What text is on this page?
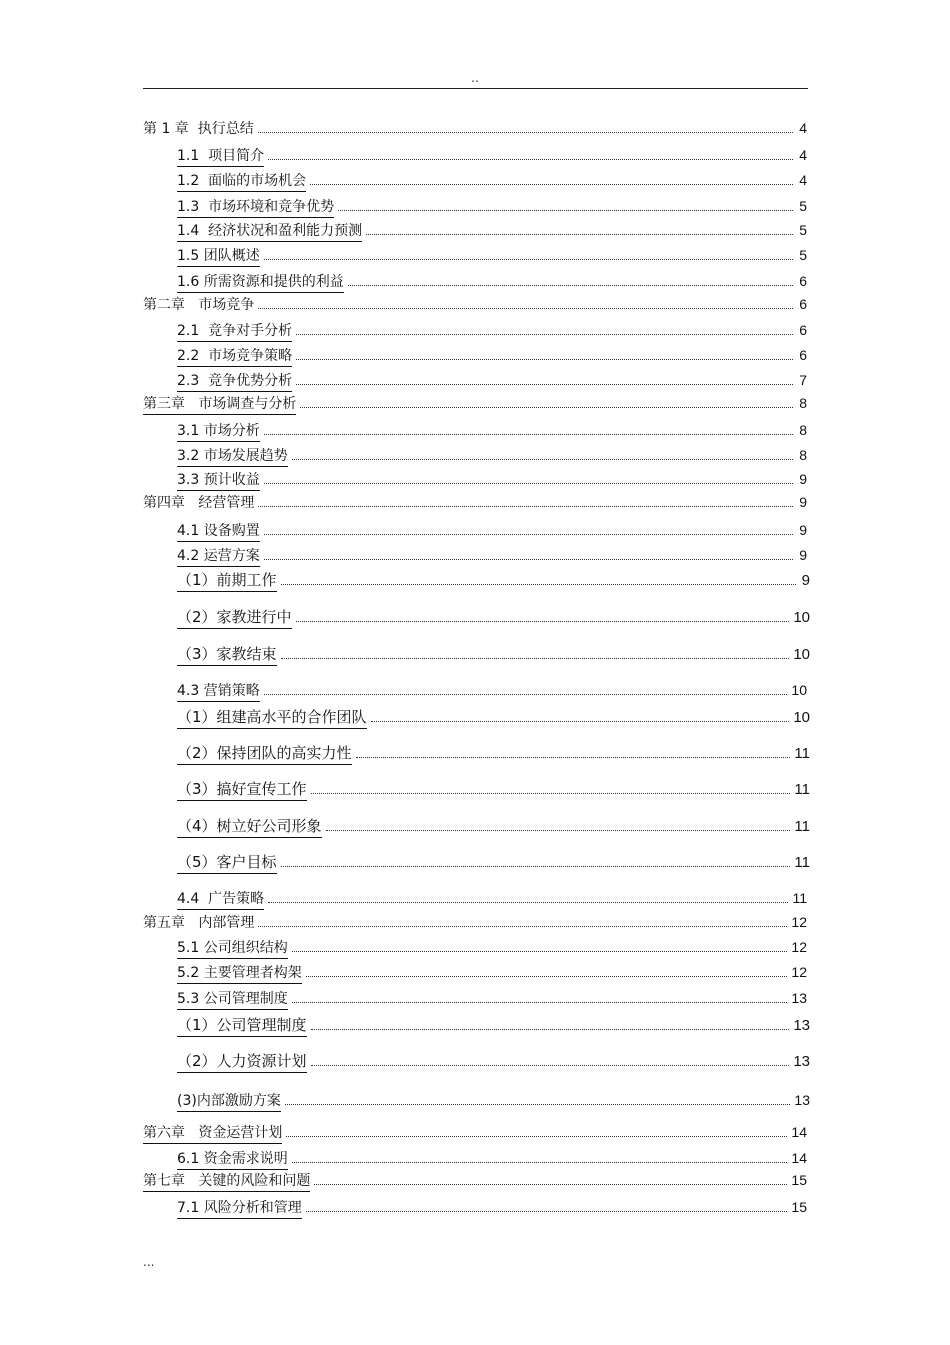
..
第 1 章  执行总结	4
1.1  项目简介	4
1.2  面临的市场机会	4
1.3  市场环境和竞争优势	5
1.4  经济状况和盈利能力预测	5
1.5 团队概述	5
1.6 所需资源和提供的利益	6
第二章   市场竞争	6
2.1  竞争对手分析	6
2.2  市场竞争策略	6
2.3  竞争优势分析	7
第三章   市场调查与分析	8
3.1 市场分析	8
3.2 市场发展趋势	8
3.3 预计收益	9
第四章   经营管理	9
4.1 设备购置	9
4.2 运营方案	9
（1）前期工作	9
（2）家教进行中	10
（3）家教结束	10
4.3 营销策略	10
（1）组建高水平的合作团队	10
（2）保持团队的高实力性	11
（3）搞好宣传工作	11
（4）树立好公司形象	11
（5）客户目标	11
4.4  广告策略	11
第五章   内部管理	12
5.1 公司组织结构	12
5.2 主要管理者构架	12
5.3 公司管理制度	13
（1）公司管理制度	13
（2）人力资源计划	13
(3)内部激励方案	13
第六章   资金运营计划	14
6.1 资金需求说明	14
第七章   关键的风险和问题	15
7.1 风险分析和管理	15
...
